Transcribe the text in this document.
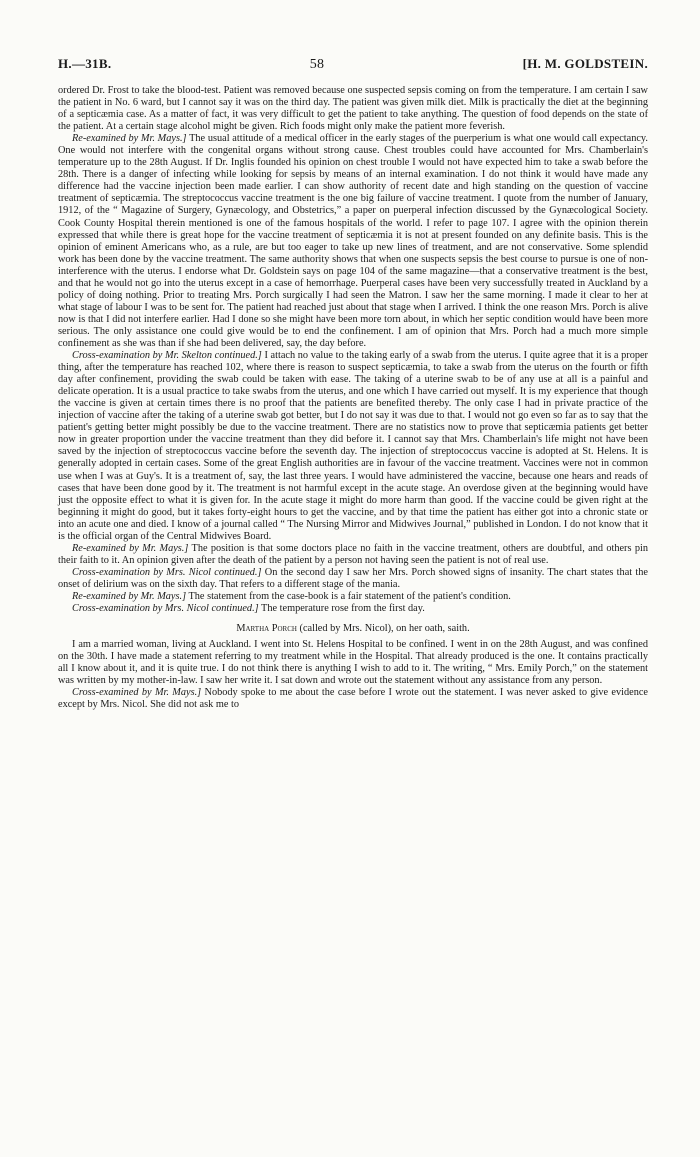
H.—31B.	58	[H. M. GOLDSTEIN.

ordered Dr. Frost to take the blood-test. Patient was removed because one suspected sepsis coming on from the temperature. I am certain I saw the patient in No. 6 ward, but I cannot say it was on the third day. The patient was given milk diet. Milk is practically the diet at the beginning of a septicæmia case. As a matter of fact, it was very difficult to get the patient to take anything. The question of food depends on the state of the patient. At a certain stage alcohol might be given. Rich foods might only make the patient more feverish.

Re-examined by Mr. Mays.] The usual attitude of a medical officer in the early stages of the puerperium is what one would call expectancy. One would not interfere with the congenital organs without strong cause. Chest troubles could have accounted for Mrs. Chamberlain's temperature up to the 28th August. If Dr. Inglis founded his opinion on chest trouble I would not have expected him to take a swab before the 28th. There is a danger of infecting while looking for sepsis by means of an internal examination. I do not think it would have made any difference had the vaccine injection been made earlier. I can show authority of recent date and high standing on the question of vaccine treatment of septicæmia. The streptococcus vaccine treatment is the one big failure of vaccine treatment. I quote from the number of January, 1912, of the “ Magazine of Surgery, Gynæcology, and Obstetrics,” a paper on puerperal infection discussed by the Gynæcological Society. Cook County Hospital therein mentioned is one of the famous hospitals of the world. I refer to page 107. I agree with the opinion therein expressed that while there is great hope for the vaccine treatment of septicæmia it is not at present founded on any definite basis. This is the opinion of eminent Americans who, as a rule, are but too eager to take up new lines of treatment, and are not conservative. Some splendid work has been done by the vaccine treatment. The same authority shows that when one suspects sepsis the best course to pursue is one of non-interference with the uterus. I endorse what Dr. Goldstein says on page 104 of the same magazine—that a conservative treatment is the best, and that he would not go into the uterus except in a case of hemorrhage. Puerperal cases have been very successfully treated in Auckland by a policy of doing nothing. Prior to treating Mrs. Porch surgically I had seen the Matron. I saw her the same morning. I made it clear to her at what stage of labour I was to be sent for. The patient had reached just about that stage when I arrived. I think the one reason Mrs. Porch is alive now is that I did not interfere earlier. Had I done so she might have been more torn about, in which her septic condition would have been more serious. The only assistance one could give would be to end the confinement. I am of opinion that Mrs. Porch had a much more simple confinement as she was than if she had been delivered, say, the day before.

Cross-examination by Mr. Skelton continued.] I attach no value to the taking early of a swab from the uterus. I quite agree that it is a proper thing, after the temperature has reached 102, where there is reason to suspect septicæmia, to take a swab from the uterus on the fourth or fifth day after confinement, providing the swab could be taken with ease. The taking of a uterine swab to be of any use at all is a painful and delicate operation. It is a usual practice to take swabs from the uterus, and one which I have carried out myself. It is my experience that though the vaccine is given at certain times there is no proof that the patients are benefited thereby. The only case I had in private practice of the injection of vaccine after the taking of a uterine swab got better, but I do not say it was due to that. I would not go even so far as to say that the patient's getting better might possibly be due to the vaccine treatment. There are no statistics now to prove that septicæmia patients get better now in greater proportion under the vaccine treatment than they did before it. I cannot say that Mrs. Chamberlain's life might not have been saved by the injection of streptococcus vaccine before the seventh day. The injection of streptococcus vaccine is adopted at St. Helens. It is generally adopted in certain cases. Some of the great English authorities are in favour of the vaccine treatment. Vaccines were not in common use when I was at Guy's. It is a treatment of, say, the last three years. I would have administered the vaccine, because one hears and reads of cases that have been done good by it. The treatment is not harmful except in the acute stage. An overdose given at the beginning would have just the opposite effect to what it is given for. In the acute stage it might do more harm than good. If the vaccine could be given right at the beginning it might do good, but it takes forty-eight hours to get the vaccine, and by that time the patient has either got into a chronic state or into an acute one and died. I know of a journal called “ The Nursing Mirror and Midwives Journal,” published in London. I do not know that it is the official organ of the Central Midwives Board.

Re-examined by Mr. Mays.] The position is that some doctors place no faith in the vaccine treatment, others are doubtful, and others pin their faith to it. An opinion given after the death of the patient by a person not having seen the patient is not of real use.

Cross-examination by Mrs. Nicol continued.] On the second day I saw her Mrs. Porch showed signs of insanity. The chart states that the onset of delirium was on the sixth day. That refers to a different stage of the mania.

Re-examined by Mr. Mays.] The statement from the case-book is a fair statement of the patient's condition.

Cross-examination by Mrs. Nicol continued.] The temperature rose from the first day.

Martha Porch (called by Mrs. Nicol), on her oath, saith.

I am a married woman, living at Auckland. I went into St. Helens Hospital to be confined. I went in on the 28th August, and was confined on the 30th. I have made a statement referring to my treatment while in the Hospital. That already produced is the one. It contains practically all I know about it, and it is quite true. I do not think there is anything I wish to add to it. The writing, “ Mrs. Emily Porch,” on the statement was written by my mother-in-law. I saw her write it. I sat down and wrote out the statement without any assistance from any person.

Cross-examined by Mr. Mays.] Nobody spoke to me about the case before I wrote out the statement. I was never asked to give evidence except by Mrs. Nicol. She did not ask me to
